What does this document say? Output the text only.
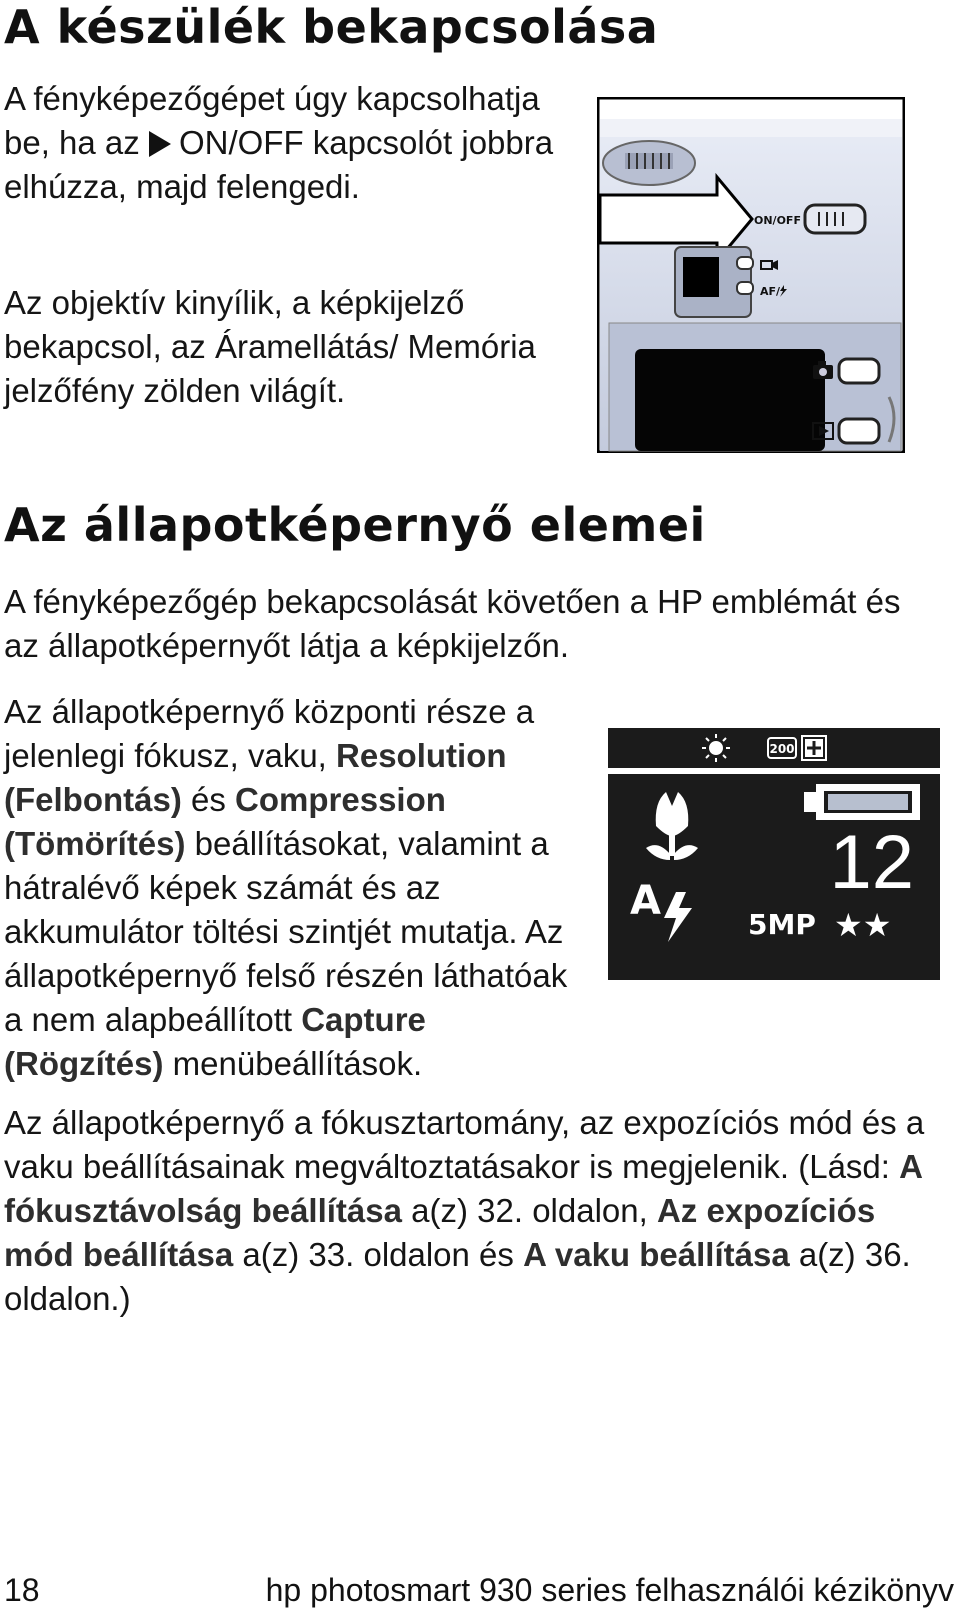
A készülék bekapcsolása

A fényképezőgépet úgy kapcsolhatja be, ha az ON/OFF kapcsolót jobbra elhúzza, majd felengedi.

Az objektív kinyílik, a képkijelző bekapcsol, az Áramellátás/ Memória jelzőfény zölden világít.

ON/OFF
AF/
Az állapotképernyő elemei

A fényképezőgép bekapcsolását követően a HP emblémát és az állapotképernyőt látja a képkijelzőn.

Az állapotképernyő központi része a jelenlegi fókusz, vaku, Resolution (Felbontás) és Compression (Tömörítés) beállításokat, valamint a hátralévő képek számát és az akkumulátor töltési szintjét mutatja. Az állapotképernyő felső részén láthatóak a nem alapbeállított Capture (Rögzítés) menübeállítások.

200
12
A
5MP ★★

Az állapotképernyő a fókusztartomány, az expozíciós mód és a vaku beállításainak megváltoztatásakor is megjelenik. (Lásd: A fókusztávolság beállítása a(z) 32. oldalon, Az expozíciós mód beállítása a(z) 33. oldalon és A vaku beállítása a(z) 36. oldalon.)

18	hp photosmart 930 series felhasználói kézikönyv
